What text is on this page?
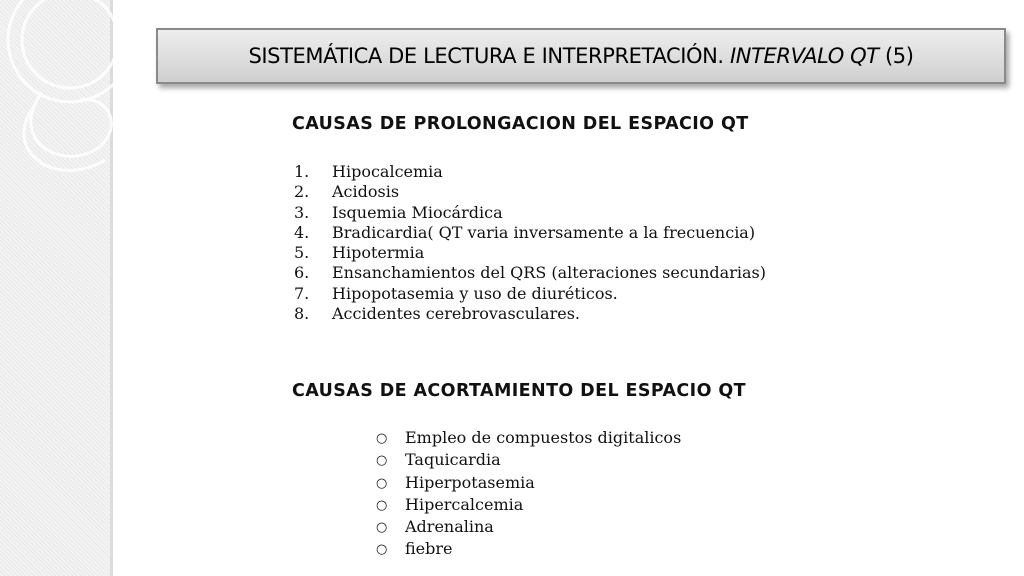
SISTEMÁTICA DE LECTURA E INTERPRETACIÓN. INTERVALO QT (5)
CAUSAS DE PROLONGACION DEL ESPACIO QT
1. Hipocalcemia
2. Acidosis
3. Isquemia Miocárdica
4. Bradicardia( QT varia inversamente a la frecuencia)
5. Hipotermia
6. Ensanchamientos del QRS (alteraciones secundarias)
7. Hipopotasemia y uso de diuréticos.
8. Accidentes cerebrovasculares.
CAUSAS DE ACORTAMIENTO DEL ESPACIO QT
○ Empleo de compuestos digitalicos
○ Taquicardia
○ Hiperpotasemia
○ Hipercalcemia
○ Adrenalina
○ fiebre
